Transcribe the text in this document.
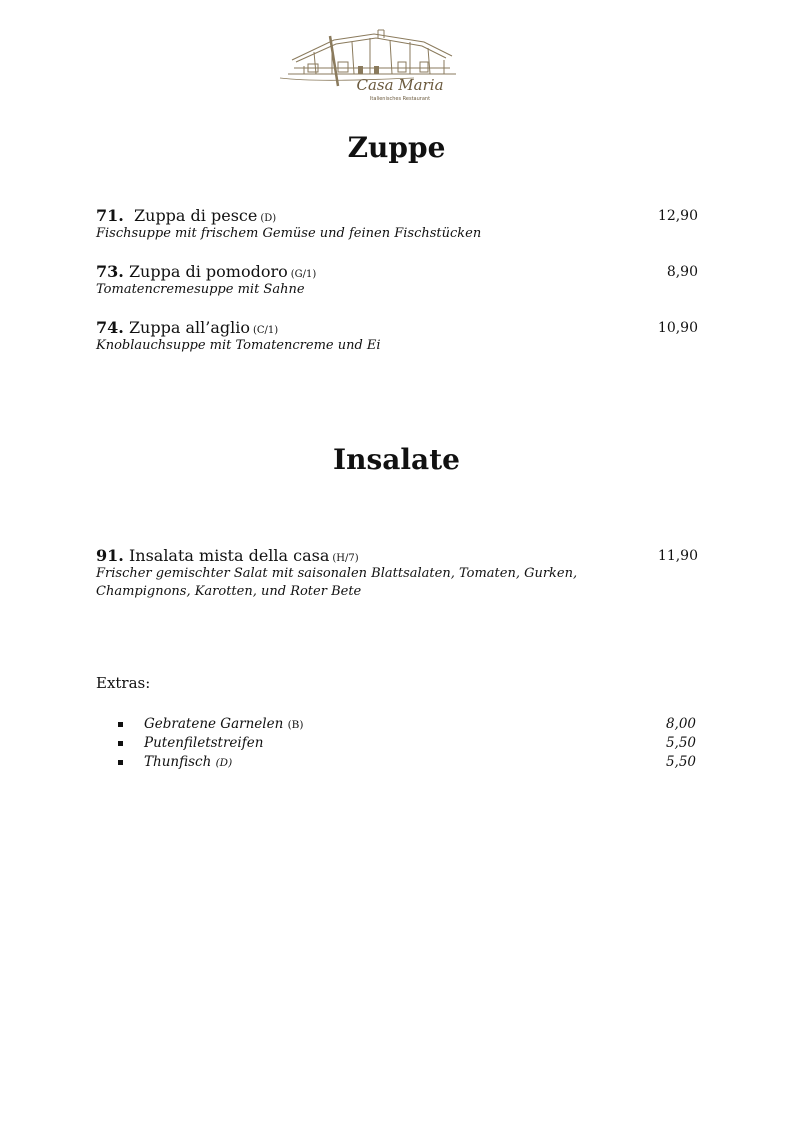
Casa Maria
Italienisches Restaurant
Zuppe
71. Zuppa di pesce (D)	12,90
Fischsuppe mit frischem Gemüse und feinen Fischstücken
73. Zuppa di pomodoro (G/1)	8,90
Tomatencremesuppe mit Sahne
74. Zuppa all’aglio (C/1)	10,90
Knoblauchsuppe mit Tomatencreme und Ei
Insalate
91. Insalata mista della casa (H/7)	11,90
Frischer gemischter Salat mit saisonalen Blattsalaten, Tomaten, Gurken, Champignons, Karotten, und Roter Bete
Extras:
Gebratene Garnelen (B)	8,00
Putenfiletstreifen	5,50
Thunfisch (D)	5,50
